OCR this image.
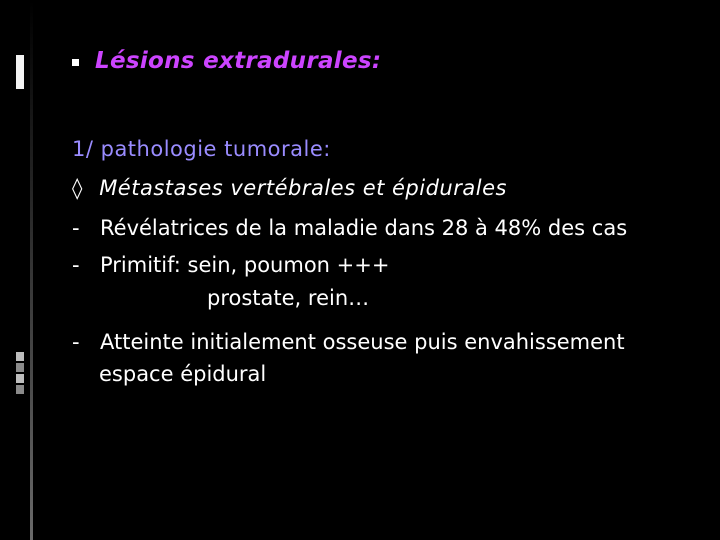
Lésions extradurales:
1/ pathologie tumorale:
◊ Métastases vertébrales et épidurales
- Révélatrices de la maladie dans 28 à 48% des cas
- Primitif: sein, poumon +++
prostate, rein…
- Atteinte initialement osseuse puis envahissement
espace épidural
